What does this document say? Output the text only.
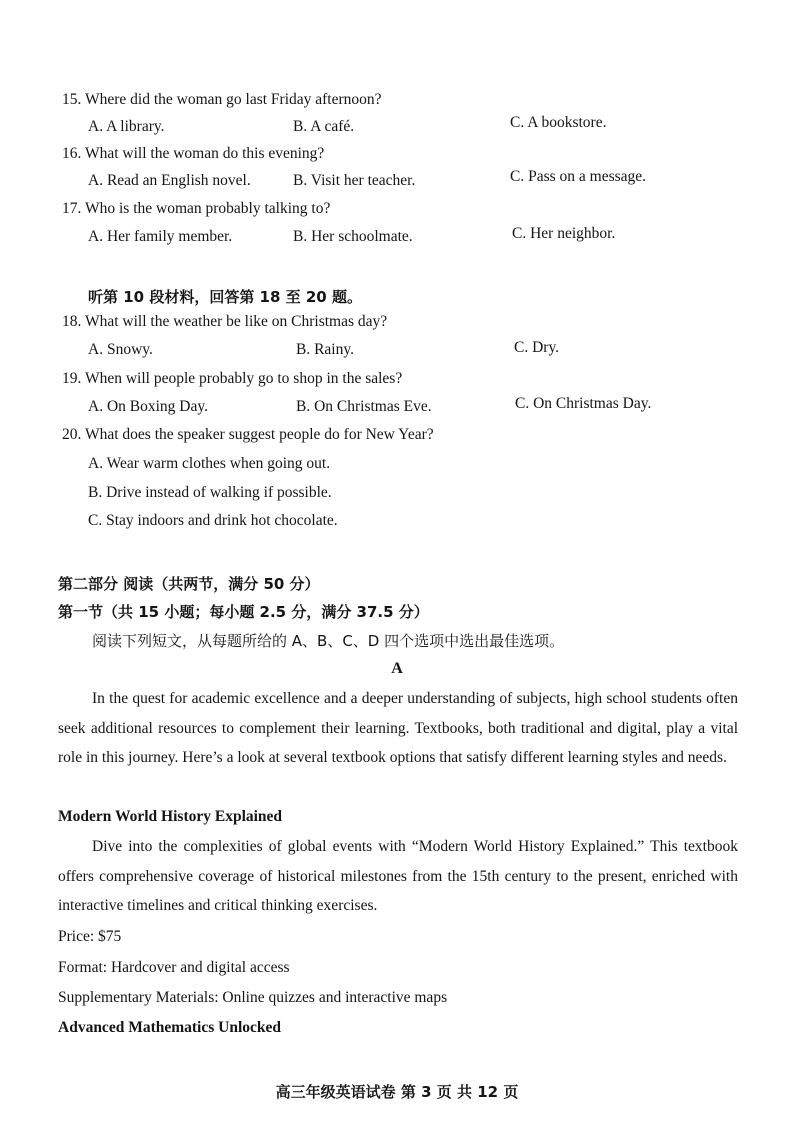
15. Where did the woman go last Friday afternoon?
A. A library.	B. A café.	C. A bookstore.
16. What will the woman do this evening?
A. Read an English novel.	B. Visit her teacher.	C. Pass on a message.
17. Who is the woman probably talking to?
A. Her family member.	B. Her schoolmate.	C. Her neighbor.
听第 10 段材料，回答第 18 至 20 题。
18. What will the weather be like on Christmas day?
A. Snowy.	B. Rainy.	C. Dry.
19. When will people probably go to shop in the sales?
A. On Boxing Day.	B. On Christmas Eve.	C. On Christmas Day.
20. What does the speaker suggest people do for New Year?
A. Wear warm clothes when going out.
B. Drive instead of walking if possible.
C. Stay indoors and drink hot chocolate.
第二部分 阅读（共两节，满分 50 分）
第一节（共 15 小题；每小题 2.5 分，满分 37.5 分）
阅读下列短文，从每题所给的 A、B、C、D 四个选项中选出最佳选项。
A
In the quest for academic excellence and a deeper understanding of subjects, high school students often seek additional resources to complement their learning. Textbooks, both traditional and digital, play a vital role in this journey. Here’s a look at several textbook options that satisfy different learning styles and needs.
Modern World History Explained
Dive into the complexities of global events with “Modern World History Explained.” This textbook offers comprehensive coverage of historical milestones from the 15th century to the present, enriched with interactive timelines and critical thinking exercises.
Price: $75
Format: Hardcover and digital access
Supplementary Materials: Online quizzes and interactive maps
Advanced Mathematics Unlocked
高三年级英语试卷 第 3 页 共 12 页
